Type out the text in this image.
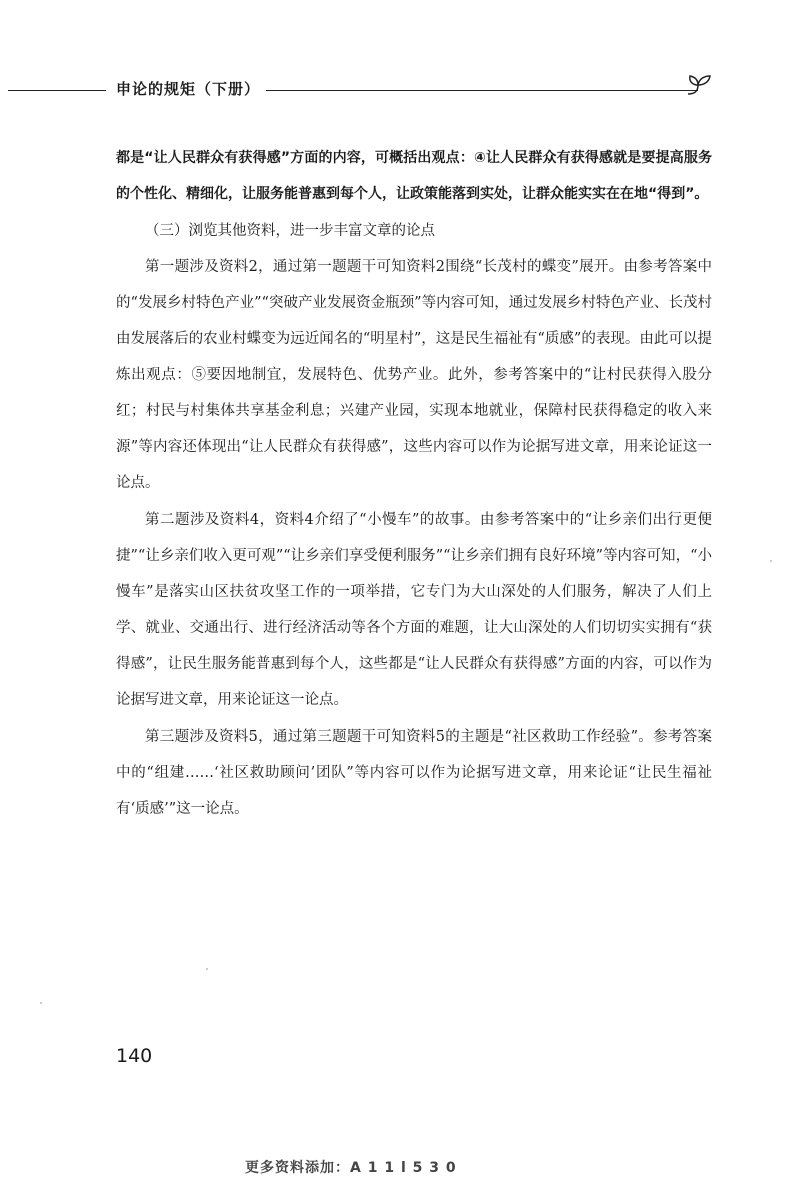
申论的规矩（下册）

都是“让人民群众有获得感”方面的内容，可概括出观点：④让人民群众有获得感就是要提高服务的个性化、精细化，让服务能普惠到每个人，让政策能落到实处，让群众能实实在在地“得到”。

（三）浏览其他资料，进一步丰富文章的论点

第一题涉及资料2，通过第一题题干可知资料2围绕“长茂村的蝶变”展开。由参考答案中的“发展乡村特色产业”“突破产业发展资金瓶颈”等内容可知，通过发展乡村特色产业、长茂村由发展落后的农业村蝶变为远近闻名的“明星村”，这是民生福祉有“质感”的表现。由此可以提炼出观点：⑤要因地制宜，发展特色、优势产业。此外，参考答案中的“让村民获得入股分红；村民与村集体共享基金利息；兴建产业园，实现本地就业，保障村民获得稳定的收入来源”等内容还体现出“让人民群众有获得感”，这些内容可以作为论据写进文章，用来论证这一论点。

第二题涉及资料4，资料4介绍了“小慢车”的故事。由参考答案中的“让乡亲们出行更便捷”“让乡亲们收入更可观”“让乡亲们享受便利服务”“让乡亲们拥有良好环境”等内容可知，“小慢车”是落实山区扶贫攻坚工作的一项举措，它专门为大山深处的人们服务，解决了人们上学、就业、交通出行、进行经济活动等各个方面的难题，让大山深处的人们切切实实拥有“获得感”，让民生服务能普惠到每个人，这些都是“让人民群众有获得感”方面的内容，可以作为论据写进文章，用来论证这一论点。

第三题涉及资料5，通过第三题题干可知资料5的主题是“社区救助工作经验”。参考答案中的“组建……‘社区救助顾问’团队”等内容可以作为论据写进文章，用来论证“让民生福祉有‘质感’”这一论点。

140
更多资料添加：A 1 1 l 5 3 0
